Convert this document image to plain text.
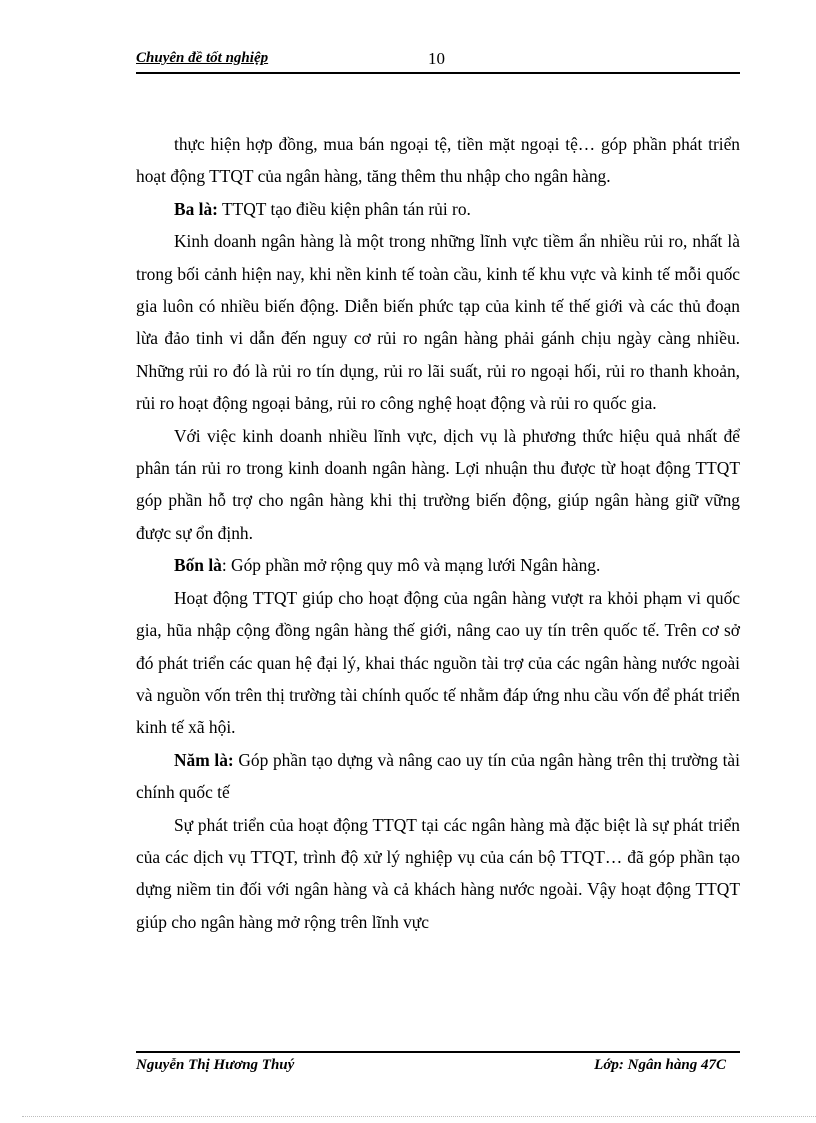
Chuyên đề tốt nghiệp	10

thực hiện hợp đồng, mua bán ngoại tệ, tiền mặt ngoại tệ… góp phần phát triển hoạt động TTQT của ngân hàng, tăng thêm thu nhập cho ngân hàng.

Ba là: TTQT tạo điều kiện phân tán rủi ro.

Kinh doanh ngân hàng là một trong những lĩnh vực tiềm ẩn nhiều rủi ro, nhất là trong bối cảnh hiện nay, khi nền kinh tế toàn cầu, kinh tế khu vực và kinh tế mỗi quốc gia luôn có nhiều biến động. Diễn biến phức tạp của kinh tế thế giới và các thủ đoạn lừa đảo tinh vi dẫn đến nguy cơ rủi ro ngân hàng phải gánh chịu ngày càng nhiều. Những rủi ro đó là rủi ro tín dụng, rủi ro lãi suất, rủi ro ngoại hối, rủi ro thanh khoản, rủi ro hoạt động ngoại bảng, rủi ro công nghệ hoạt động và rủi ro quốc gia.

Với việc kinh doanh nhiều lĩnh vực, dịch vụ là phương thức hiệu quả nhất để phân tán rủi ro trong kinh doanh ngân hàng. Lợi nhuận thu được từ hoạt động TTQT góp phần hỗ trợ cho ngân hàng khi thị trường biến động, giúp ngân hàng giữ vững được sự ổn định.

Bốn là: Góp phần mở rộng quy mô và mạng lưới Ngân hàng.

Hoạt động TTQT giúp cho hoạt động của ngân hàng vượt ra khỏi phạm vi quốc gia, hũa nhập cộng đồng ngân hàng thế giới, nâng cao uy tín trên quốc tế. Trên cơ sở đó phát triển các quan hệ đại lý, khai thác nguồn tài trợ của các ngân hàng nước ngoài và nguồn vốn trên thị trường tài chính quốc tế nhằm đáp ứng nhu cầu vốn để phát triển kinh tế xã hội.

Năm là: Góp phần tạo dựng và nâng cao uy tín của ngân hàng trên thị trường tài chính quốc tế

Sự phát triển của hoạt động TTQT tại các ngân hàng mà đặc biệt là sự phát triển của các dịch vụ TTQT, trình độ xử lý nghiệp vụ của cán bộ TTQT… đã góp phần tạo dựng niềm tin đối với ngân hàng và cả khách hàng nước ngoài. Vậy hoạt động TTQT giúp cho ngân hàng mở rộng trên lĩnh vực

Nguyễn Thị Hương Thuý	Lớp: Ngân hàng 47C
